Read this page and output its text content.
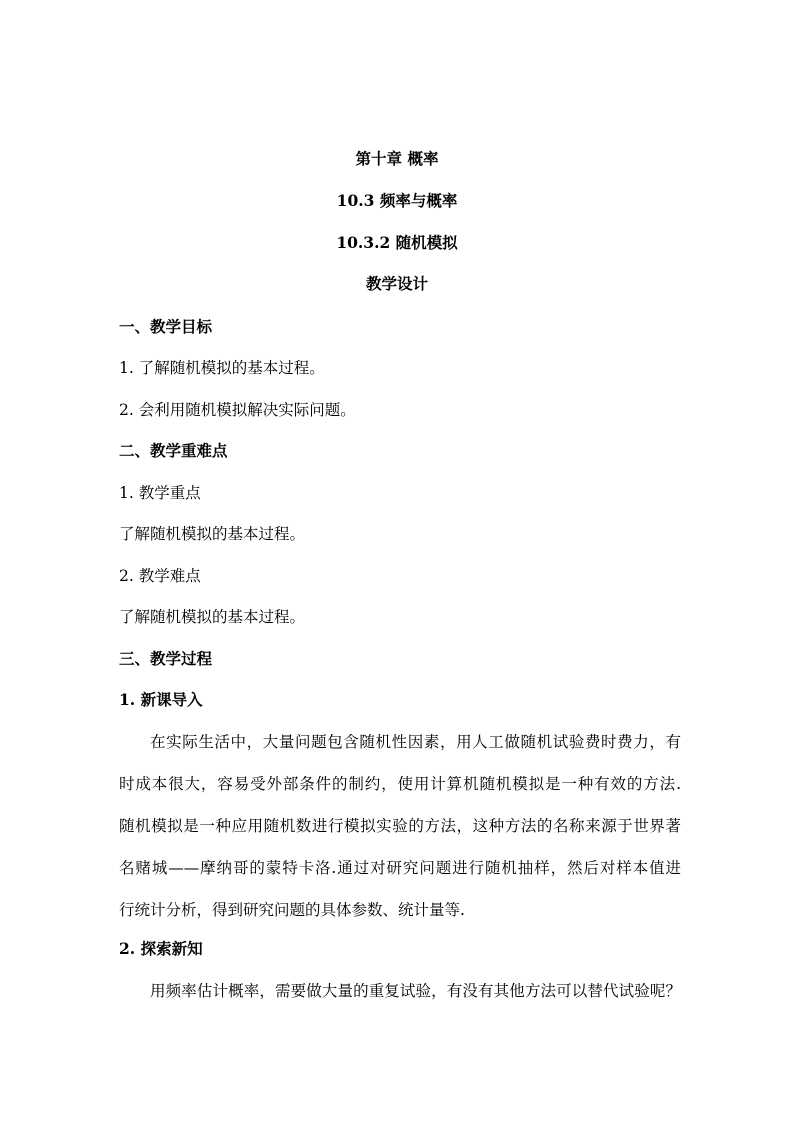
第十章 概率
10.3 频率与概率
10.3.2 随机模拟
教学设计
一、教学目标
1. 了解随机模拟的基本过程。
2. 会利用随机模拟解决实际问题。
二、教学重难点
1. 教学重点
了解随机模拟的基本过程。
2. 教学难点
了解随机模拟的基本过程。
三、教学过程
1. 新课导入
在实际生活中，大量问题包含随机性因素，用人工做随机试验费时费力，有
时成本很大，容易受外部条件的制约，使用计算机随机模拟是一种有效的方法.
随机模拟是一种应用随机数进行模拟实验的方法，这种方法的名称来源于世界著
名赌城——摩纳哥的蒙特卡洛.通过对研究问题进行随机抽样，然后对样本值进
行统计分析，得到研究问题的具体参数、统计量等.
2. 探索新知
用频率估计概率，需要做大量的重复试验，有没有其他方法可以替代试验呢？
